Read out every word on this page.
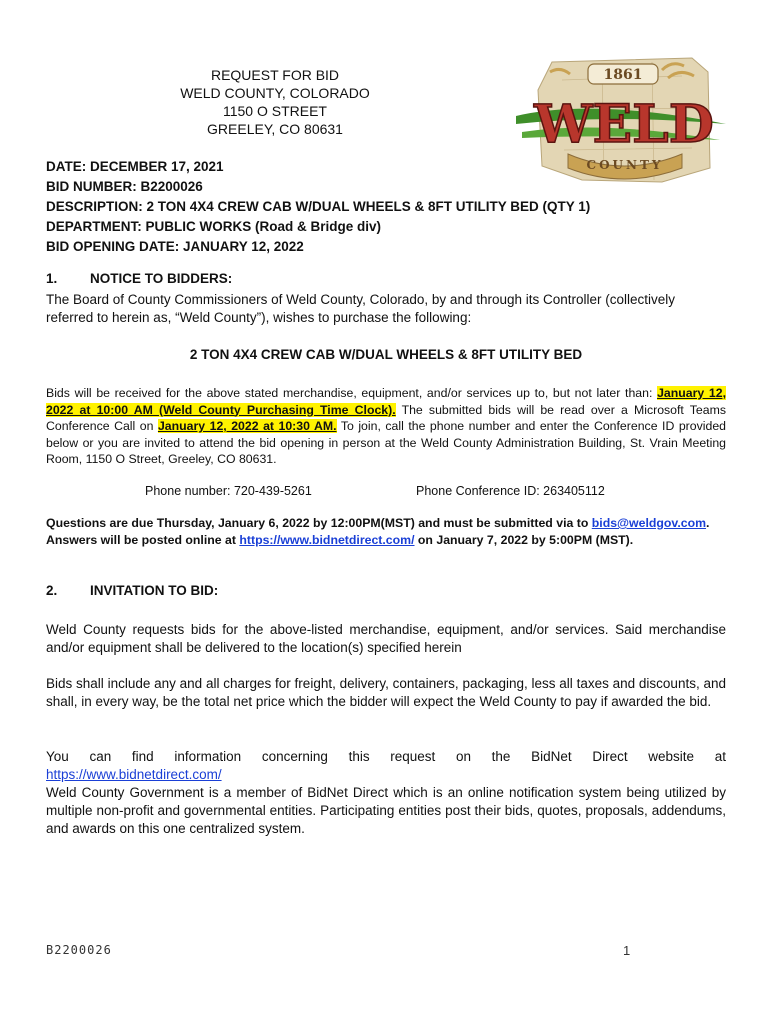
REQUEST FOR BID
WELD COUNTY, COLORADO
1150 O STREET
GREELEY, CO 80631
1861
WELD
COUNTY
DATE: DECEMBER 17, 2021
BID NUMBER: B2200026
DESCRIPTION: 2 TON 4X4 CREW CAB W/DUAL WHEELS & 8FT UTILITY BED (QTY 1)
DEPARTMENT: PUBLIC WORKS (Road & Bridge div)
BID OPENING DATE: JANUARY 12, 2022
1. NOTICE TO BIDDERS:
The Board of County Commissioners of Weld County, Colorado, by and through its Controller (collectively referred to herein as, “Weld County”), wishes to purchase the following:
2 TON 4X4 CREW CAB W/DUAL WHEELS & 8FT UTILITY BED
Bids will be received for the above stated merchandise, equipment, and/or services up to, but not later than: January 12, 2022 at 10:00 AM (Weld County Purchasing Time Clock). The submitted bids will be read over a Microsoft Teams Conference Call on January 12, 2022 at 10:30 AM. To join, call the phone number and enter the Conference ID provided below or you are invited to attend the bid opening in person at the Weld County Administration Building, St. Vrain Meeting Room, 1150 O Street, Greeley, CO 80631.
Phone number: 720-439-5261	Phone Conference ID: 263405112
Questions are due Thursday, January 6, 2022 by 12:00PM(MST) and must be submitted via to bids@weldgov.com. Answers will be posted online at https://www.bidnetdirect.com/ on January 7, 2022 by 5:00PM (MST).
2. INVITATION TO BID:
Weld County requests bids for the above-listed merchandise, equipment, and/or services. Said merchandise and/or equipment shall be delivered to the location(s) specified herein
Bids shall include any and all charges for freight, delivery, containers, packaging, less all taxes and discounts, and shall, in every way, be the total net price which the bidder will expect the Weld County to pay if awarded the bid.
You can find information concerning this request on the BidNet Direct website at
https://www.bidnetdirect.com/
Weld County Government is a member of BidNet Direct which is an online notification system being utilized by multiple non-profit and governmental entities. Participating entities post their bids, quotes, proposals, addendums, and awards on this one centralized system.
B2200026	1
